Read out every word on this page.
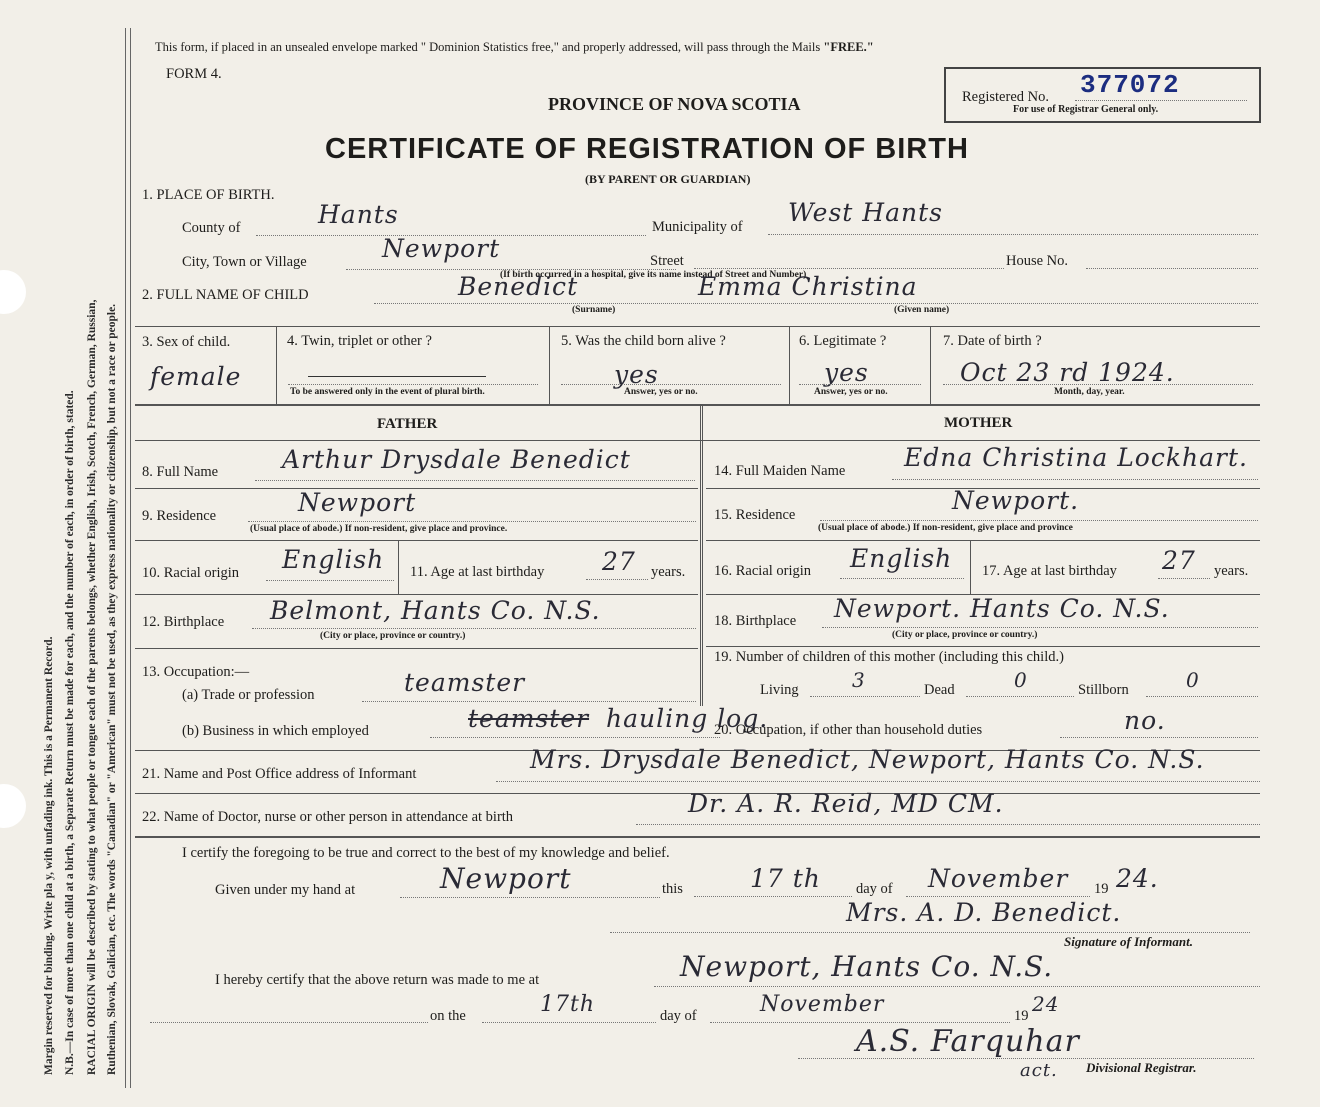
Margin reserved for binding. Write pla y, with unfading ink. This is a Permanent Record. N.B.—In case of more than one child at a birth, a Separate Return must be made for each, and the number of each, in order of birth, stated. RACIAL ORIGIN will be described by stating to what people or tongue each of the parents belongs, whether English, Irish, Scotch, French, German, Russian, Ruthenian, Slovak, Galician, etc. The words "Canadian" or "American" must not be used, as they express nationality or citizenship, but not a race or people.
This form, if placed in an unsealed envelope marked " Dominion Statistics free," and properly addressed, will pass through the Mails "FREE."
FORM 4.
PROVINCE OF NOVA SCOTIA
CERTIFICATE OF REGISTRATION OF BIRTH
(BY PARENT OR GUARDIAN)
Registered No. 377072
For use of Registrar General only.
1. PLACE OF BIRTH.
County of	Hants	Municipality of West Hants
City, Town or Village	Newport	Street	House No.
(If birth occurred in a hospital, give its name instead of Street and Number)
2. FULL NAME OF CHILD	Benedict	Emma Christina
(Surname)	(Given name)
3. Sex of child.
female
4. Twin, triplet or other ?
To be answered only in the event of plural birth.
5. Was the child born alive ?
yes
Answer, yes or no.
6. Legitimate ?
yes
Answer, yes or no.
7. Date of birth ?
Oct 23 rd 1924.
Month, day, year.
FATHER	MOTHER
8. Full Name	Arthur Drysdale Benedict
9. Residence	Newport
(Usual place of abode.) If non-resident, give place and province.
10. Racial origin English 11. Age at last birthday 27 years.
12. Birthplace Belmont, Hants Co. N.S.
(City or place, province or country.)
13. Occupation:—
(a) Trade or profession	teamster
(b) Business in which employed	teamster hauling log.
14. Full Maiden Name Edna Christina Lockhart.
15. Residence	Newport.
(Usual place of abode.) If non-resident, give place and province
16. Racial origin English 17. Age at last birthday 27 years.
18. Birthplace Newport. Hants Co. N.S.
(City or place, province or country.)
19. Number of children of this mother (including this child.)
Living	3	Dead	0	Stillborn	0
20. Occupation, if other than household duties	no.
21. Name and Post Office address of Informant	Mrs. Drysdale Benedict, Newport, Hants Co. N.S.
22. Name of Doctor, nurse or other person in attendance at birth	Dr. A. R. Reid, MD CM.
I certify the foregoing to be true and correct to the best of my knowledge and belief.
Given under my hand at	Newport	this	17 th day of November 19 24.
Mrs. A. D. Benedict.
Signature of Informant.
I hereby certify that the above return was made to me at	Newport, Hants Co. N.S.
on the	17th	day of	November	19 24
A.S. Farquhar
act. Divisional Registrar.
